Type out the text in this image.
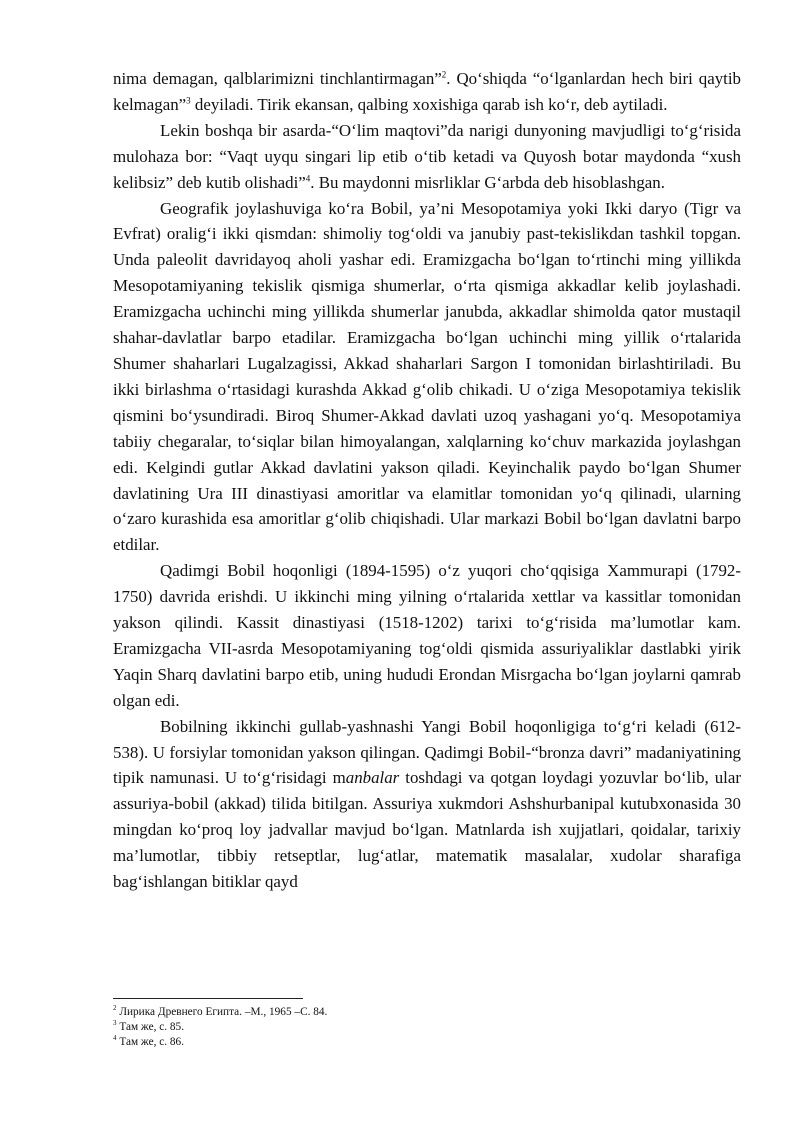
nima demagan, qalblarimizni tinchlantirmagan”$^2$. Qo‘shiqda “o‘lganlardan hech biri qaytib kelmagan”$^3$ deyiladi. Tirik ekansan, qalbing xoxishiga qarab ish ko‘r, deb aytiladi.

Lekin boshqa bir asarda-“O‘lim maqtovi”da narigi dunyoning mavjudligi to‘g‘risida mulohaza bor: “Vaqt uyqu singari lip etib o‘tib ketadi va Quyosh botar maydonda “xush kelibsiz” deb kutib olishadi”$^4$. Bu maydonni misrliklar G‘arbda deb hisoblashgan.

Geografik joylashuviga ko‘ra Bobil, ya’ni Mesopotamiya yoki Ikki daryo (Tigr va Evfrat) oralig‘i ikki qismdan: shimoliy tog‘oldi va janubiy past-tekislikdan tashkil topgan. Unda paleolit davridayoq aholi yashar edi. Eramizgacha bo‘lgan to‘rtinchi ming yillikda Mesopotamiyaning tekislik qismiga shumerlar, o‘rta qismiga akkadlar kelib joylashadi. Eramizgacha uchinchi ming yillikda shumerlar janubda, akkadlar shimolda qator mustaqil shahar-davlatlar barpo etadilar. Eramizgacha bo‘lgan uchinchi ming yillik o‘rtalarida Shumer shaharlari Lugalzagissi, Akkad shaharlari Sargon I tomonidan birlashtiriladi. Bu ikki birlashma o‘rtasidagi kurashda Akkad g‘olib chikadi. U o‘ziga Mesopotamiya tekislik qismini bo‘ysundiradi. Biroq Shumer-Akkad davlati uzoq yashagani yo‘q. Mesopotamiya tabiiy chegaralar, to‘siqlar bilan himoyalangan, xalqlarning ko‘chuv markazida joylashgan edi. Kelgindi gutlar Akkad davlatini yakson qiladi. Keyinchalik paydo bo‘lgan Shumer davlatining Ura III dinastiyasi amoritlar va elamitlar tomonidan yo‘q qilinadi, ularning o‘zaro kurashida esa amoritlar g‘olib chiqishadi. Ular markazi Bobil bo‘lgan davlatni barpo etdilar.

Qadimgi Bobil hoqonligi (1894-1595) o‘z yuqori cho‘qqisiga Xammurapi (1792-1750) davrida erishdi. U ikkinchi ming yilning o‘rtalarida xettlar va kassitlar tomonidan yakson qilindi. Kassit dinastiyasi (1518-1202) tarixi to‘g‘risida ma’lumotlar kam. Eramizgacha VII-asrda Mesopotamiyaning tog‘oldi qismida assuriyaliklar dastlabki yirik Yaqin Sharq davlatini barpo etib, uning hududi Erondan Misrgacha bo‘lgan joylarni qamrab olgan edi.

Bobilning ikkinchi gullab-yashnashi Yangi Bobil hoqonligiga to‘g‘ri keladi (612-538). U forsiylar tomonidan yakson qilingan. Qadimgi Bobil-“bronza davri” madaniyatining tipik namunasi. U to‘g‘risidagi manbalar toshdagi va qotgan loydagi yozuvlar bo‘lib, ular assuriya-bobil (akkad) tilida bitilgan. Assuriya xukmdori Ashshurbanipal kutubxonasida 30 mingdan ko‘proq loy jadvallar mavjud bo‘lgan. Matnlarda ish xujjatlari, qoidalar, tarixiy ma’lumotlar, tibbiy retseptlar, lug‘atlar, matematik masalalar, xudolar sharafiga bag‘ishlangan bitiklar qayd

$^2$ Лирика Древнего Египта. –М., 1965 –С. 84.

$^3$ Там же, с. 85.

$^4$ Там же, с. 86.
